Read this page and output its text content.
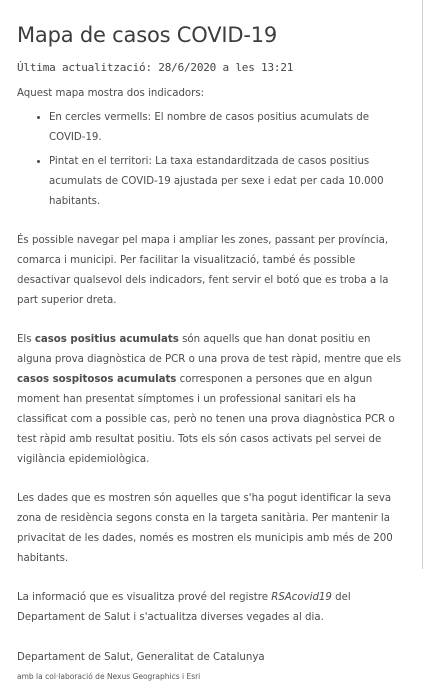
Mapa de casos COVID-19
Última actualització: 28/6/2020 a les 13:21

Aquest mapa mostra dos indicadors:

• En cercles vermells: El nombre de casos positius acumulats de COVID-19.
• Pintat en el territori: La taxa estandarditzada de casos positius acumulats de COVID-19 ajustada per sexe i edat per cada 10.000 habitants.

És possible navegar pel mapa i ampliar les zones, passant per província, comarca i municipi. Per facilitar la visualització, també és possible desactivar qualsevol dels indicadors, fent servir el botó que es troba a la part superior dreta.

Els casos positius acumulats són aquells que han donat positiu en alguna prova diagnòstica de PCR o una prova de test ràpid, mentre que els casos sospitosos acumulats corresponen a persones que en algun moment han presentat símptomes i un professional sanitari els ha classificat com a possible cas, però no tenen una prova diagnòstica PCR o test ràpid amb resultat positiu. Tots els són casos activats pel servei de vigilància epidemiològica.

Les dades que es mostren són aquelles que s'ha pogut identificar la seva zona de residència segons consta en la targeta sanitària. Per mantenir la privacitat de les dades, només es mostren els municipis amb més de 200 habitants.

La informació que es visualitza prové del registre RSAcovid19 del Departament de Salut i s'actualitza diverses vegades al dia.

Departament de Salut, Generalitat de Catalunya

amb la col·laboració de Nexus Geographics i Esri
